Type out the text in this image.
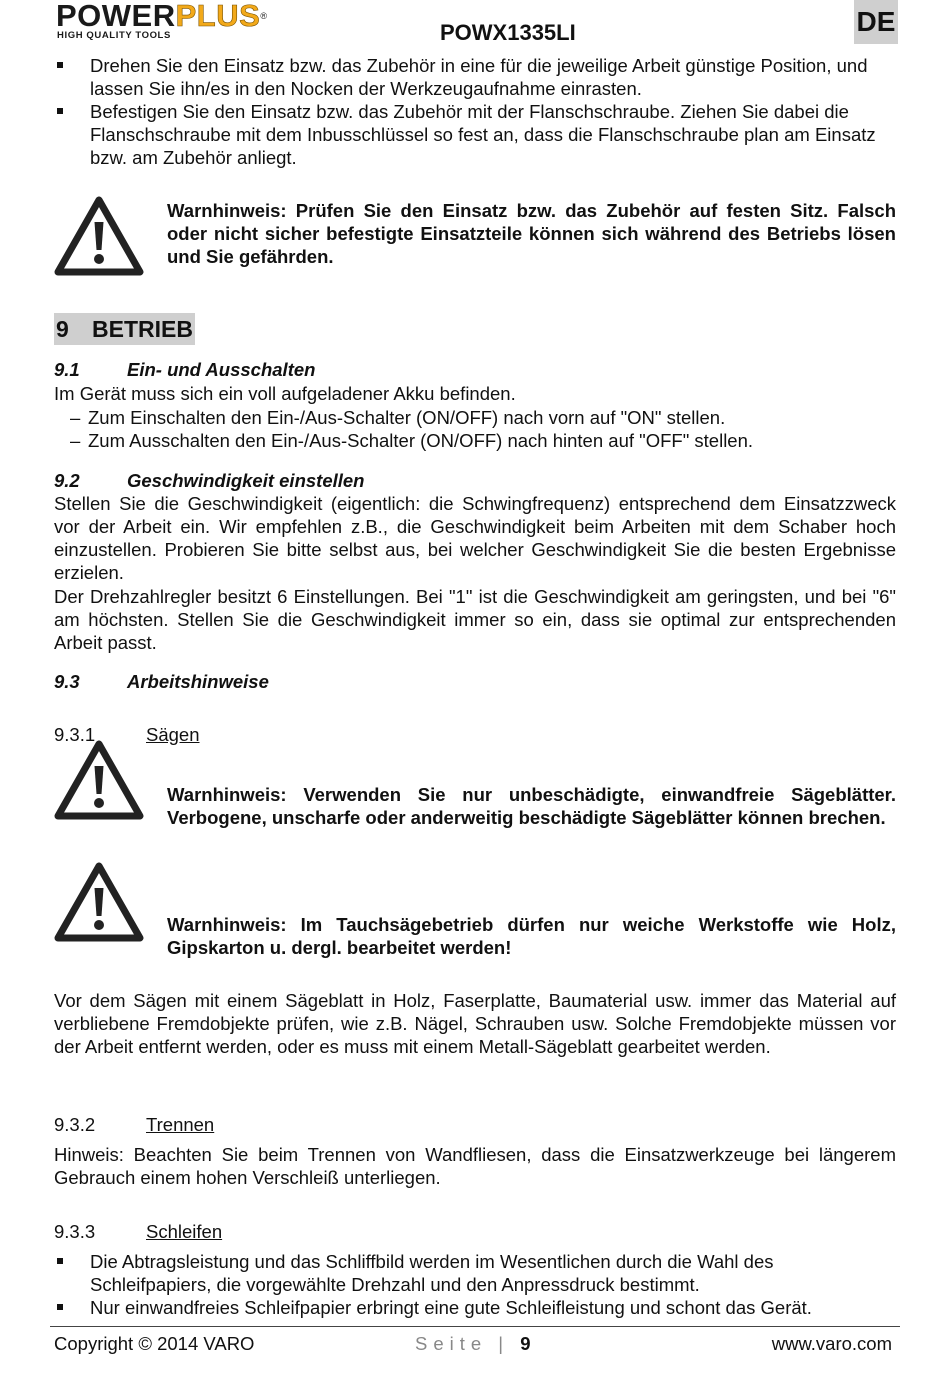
POWERPLUS®
HIGH QUALITY TOOLS	POWX1335LI	DE
Drehen Sie den Einsatz bzw. das Zubehör in eine für die jeweilige Arbeit günstige Position, und lassen Sie ihn/es in den Nocken der Werkzeugaufnahme einrasten.
Befestigen Sie den Einsatz bzw. das Zubehör mit der Flanschschraube. Ziehen Sie dabei die Flanschschraube mit dem Inbusschlüssel so fest an, dass die Flanschschraube plan am Einsatz bzw. am Zubehör anliegt.
Warnhinweis: Prüfen Sie den Einsatz bzw. das Zubehör auf festen Sitz. Falsch oder nicht sicher befestigte Einsatzteile können sich während des Betriebs lösen und Sie gefährden.
9 BETRIEB
9.1	Ein- und Ausschalten
Im Gerät muss sich ein voll aufgeladener Akku befinden.
– Zum Einschalten den Ein-/Aus-Schalter (ON/OFF) nach vorn auf "ON" stellen.
– Zum Ausschalten den Ein-/Aus-Schalter (ON/OFF) nach hinten auf "OFF" stellen.
9.2	Geschwindigkeit einstellen
Stellen Sie die Geschwindigkeit (eigentlich: die Schwingfrequenz) entsprechend dem Einsatzzweck vor der Arbeit ein. Wir empfehlen z.B., die Geschwindigkeit beim Arbeiten mit dem Schaber hoch einzustellen. Probieren Sie bitte selbst aus, bei welcher Geschwindigkeit Sie die besten Ergebnisse erzielen.
Der Drehzahlregler besitzt 6 Einstellungen. Bei "1" ist die Geschwindigkeit am geringsten, und bei "6" am höchsten. Stellen Sie die Geschwindigkeit immer so ein, dass sie optimal zur entsprechenden Arbeit passt.
9.3	Arbeitshinweise
9.3.1	Sägen
Warnhinweis: Verwenden Sie nur unbeschädigte, einwandfreie Sägeblätter. Verbogene, unscharfe oder anderweitig beschädigte Sägeblätter können brechen.
Warnhinweis: Im Tauchsägebetrieb dürfen nur weiche Werkstoffe wie Holz, Gipskarton u. dergl. bearbeitet werden!
Vor dem Sägen mit einem Sägeblatt in Holz, Faserplatte, Baumaterial usw. immer das Material auf verbliebene Fremdobjekte prüfen, wie z.B. Nägel, Schrauben usw. Solche Fremdobjekte müssen vor der Arbeit entfernt werden, oder es muss mit einem Metall-Sägeblatt gearbeitet werden.
9.3.2	Trennen
Hinweis: Beachten Sie beim Trennen von Wandfliesen, dass die Einsatzwerkzeuge bei längerem Gebrauch einem hohen Verschleiß unterliegen.
9.3.3	Schleifen
Die Abtragsleistung und das Schliffbild werden im Wesentlichen durch die Wahl des Schleifpapiers, die vorgewählte Drehzahl und den Anpressdruck bestimmt.
Nur einwandfreies Schleifpapier erbringt eine gute Schleifleistung und schont das Gerät.
Copyright © 2014 VARO	Seite | 9	www.varo.com
